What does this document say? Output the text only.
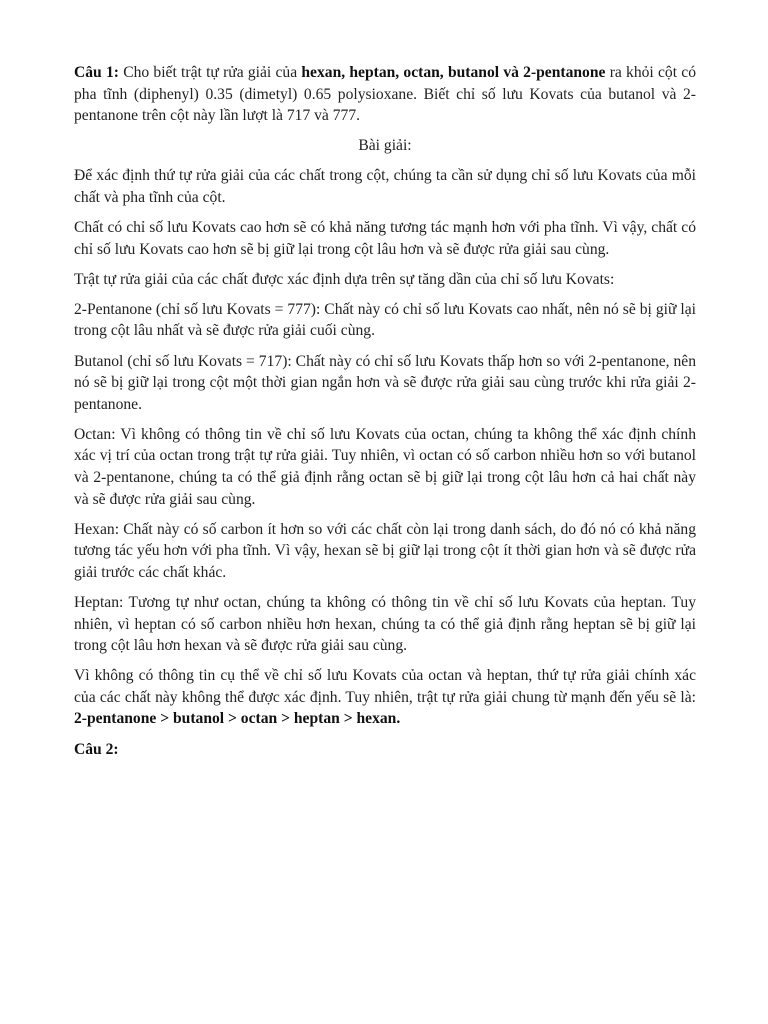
Câu 1: Cho biết trật tự rửa giải của hexan, heptan, octan, butanol và 2-pentanone ra khỏi cột có pha tĩnh (diphenyl) 0.35 (dimetyl) 0.65 polysioxane. Biết chỉ số lưu Kovats của butanol và 2-pentanone trên cột này lần lượt là 717 và 777.

Bài giải:

Để xác định thứ tự rửa giải của các chất trong cột, chúng ta cần sử dụng chỉ số lưu Kovats của mỗi chất và pha tĩnh của cột.

Chất có chỉ số lưu Kovats cao hơn sẽ có khả năng tương tác mạnh hơn với pha tĩnh. Vì vậy, chất có chỉ số lưu Kovats cao hơn sẽ bị giữ lại trong cột lâu hơn và sẽ được rửa giải sau cùng.

Trật tự rửa giải của các chất được xác định dựa trên sự tăng dần của chỉ số lưu Kovats:

2-Pentanone (chỉ số lưu Kovats = 777): Chất này có chỉ số lưu Kovats cao nhất, nên nó sẽ bị giữ lại trong cột lâu nhất và sẽ được rửa giải cuối cùng.

Butanol (chỉ số lưu Kovats = 717): Chất này có chỉ số lưu Kovats thấp hơn so với 2-pentanone, nên nó sẽ bị giữ lại trong cột một thời gian ngắn hơn và sẽ được rửa giải sau cùng trước khi rửa giải 2-pentanone.

Octan: Vì không có thông tin về chỉ số lưu Kovats của octan, chúng ta không thể xác định chính xác vị trí của octan trong trật tự rửa giải. Tuy nhiên, vì octan có số carbon nhiều hơn so với butanol và 2-pentanone, chúng ta có thể giả định rằng octan sẽ bị giữ lại trong cột lâu hơn cả hai chất này và sẽ được rửa giải sau cùng.

Hexan: Chất này có số carbon ít hơn so với các chất còn lại trong danh sách, do đó nó có khả năng tương tác yếu hơn với pha tĩnh. Vì vậy, hexan sẽ bị giữ lại trong cột ít thời gian hơn và sẽ được rửa giải trước các chất khác.

Heptan: Tương tự như octan, chúng ta không có thông tin về chỉ số lưu Kovats của heptan. Tuy nhiên, vì heptan có số carbon nhiều hơn hexan, chúng ta có thể giả định rằng heptan sẽ bị giữ lại trong cột lâu hơn hexan và sẽ được rửa giải sau cùng.

Vì không có thông tin cụ thể về chỉ số lưu Kovats của octan và heptan, thứ tự rửa giải chính xác của các chất này không thể được xác định. Tuy nhiên, trật tự rửa giải chung từ mạnh đến yếu sẽ là: 2-pentanone > butanol > octan > heptan > hexan.

Câu 2:
